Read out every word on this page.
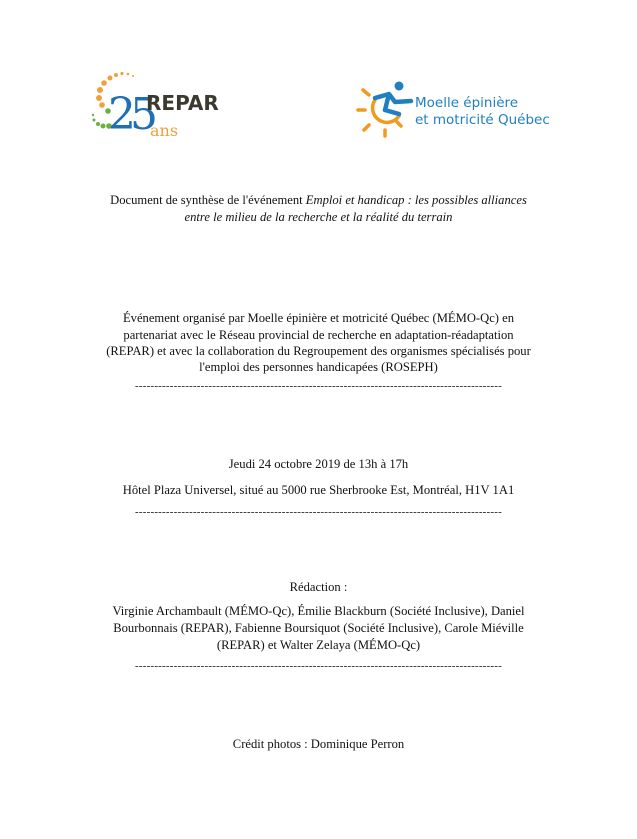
25
REPAR
ans
Moelle épinière
et motricité Québec
Document de synthèse de l'événement Emploi et handicap : les possibles alliances
entre le milieu de la recherche et la réalité du terrain
Événement organisé par Moelle épinière et motricité Québec (MÉMO-Qc) en
partenariat avec le Réseau provincial de recherche en adaptation-réadaptation
(REPAR) et avec la collaboration du Regroupement des organismes spécialisés pour
l'emploi des personnes handicapées (ROSEPH)
-----------------------------------------------------------------------------------------------
Jeudi 24 octobre 2019 de 13h à 17h
Hôtel Plaza Universel, situé au 5000 rue Sherbrooke Est, Montréal, H1V 1A1
-----------------------------------------------------------------------------------------------
Rédaction :
Virginie Archambault (MÉMO-Qc), Émilie Blackburn (Société Inclusive), Daniel
Bourbonnais (REPAR), Fabienne Boursiquot (Société Inclusive), Carole Miéville
(REPAR) et Walter Zelaya (MÉMO-Qc)
-----------------------------------------------------------------------------------------------
Crédit photos : Dominique Perron
